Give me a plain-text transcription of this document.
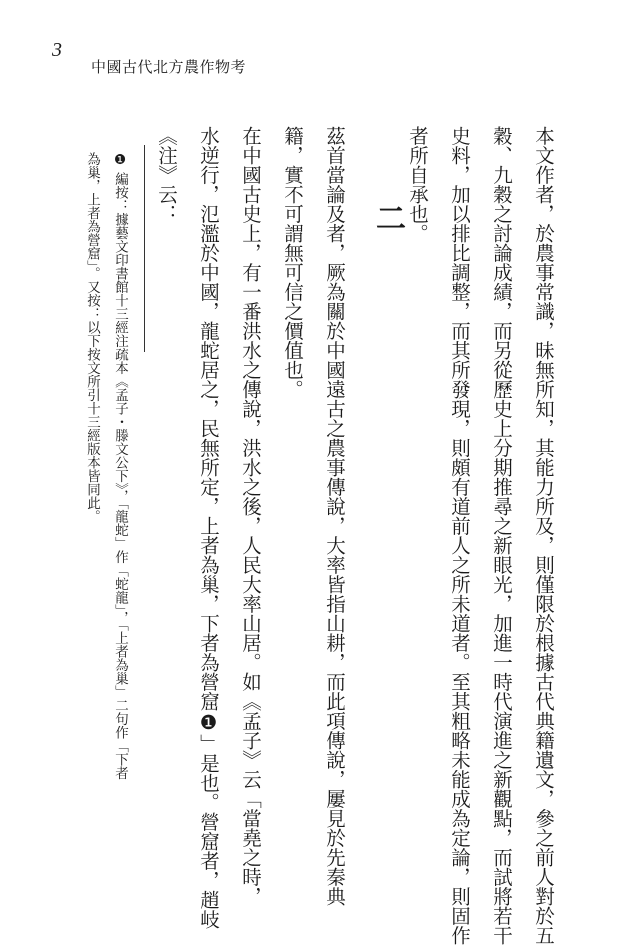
3
中國古代北方農作物考
本文作者，於農事常識，昧無所知，其能力所及，則僅限於根據古代典籍遺文，參之前人對於五
穀、九穀之討論成績，而另從歷史上分期推尋之新眼光，加進一時代演進之新觀點，而試將若干
史料，加以排比調整，而其所發現，則頗有道前人之所未道者。至其粗略未能成為定論，則固作
者所自承也。
二
茲首當論及者，厥為關於中國遠古之農事傳說，大率皆指山耕，而此項傳說，屢見於先秦典
籍，實不可謂無可信之價值也。
在中國古史上，有一番洪水之傳說，洪水之後，人民大率山居。如《孟子》云「當堯之時，
水逆行，氾濫於中國，龍蛇居之，民無所定，上者為巢，下者為營窟❶」是也。營窟者，趙岐
《注》云：
❶ 編按：據藝文印書館十三經注疏本《孟子・滕文公下》，「龍蛇」作「蛇龍」，「上者為巢」二句作「下者
為巢，上者為營窟」。又按：以下按文所引十三經版本皆同此。
